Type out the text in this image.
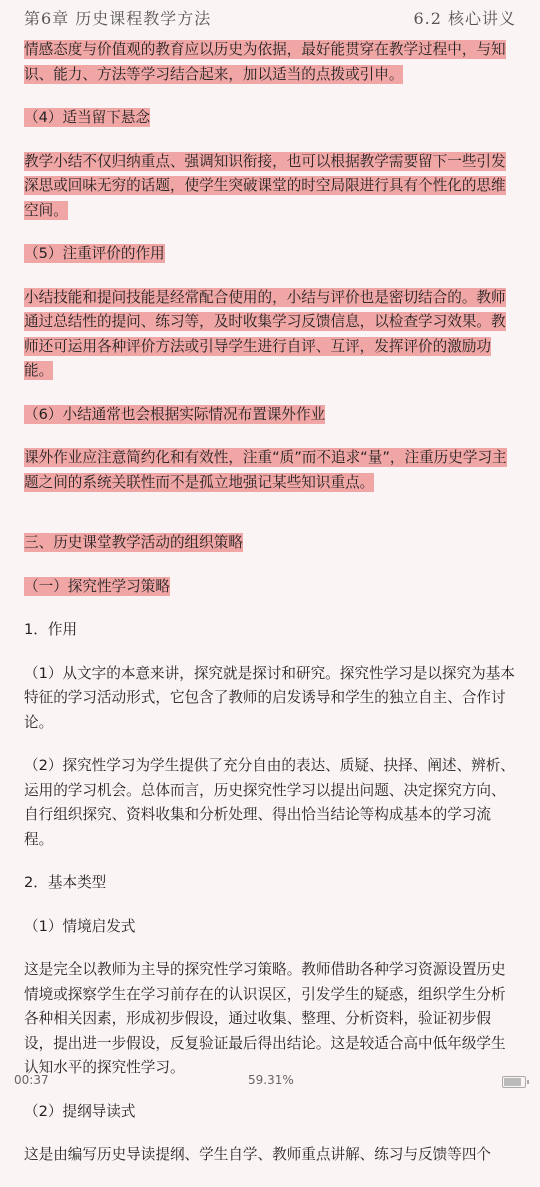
第6章 历史课程教学方法	6.2 核心讲义

情感态度与价值观的教育应以历史为依据，最好能贯穿在教学过程中，与知识、能力、方法等学习结合起来，加以适当的点拨或引申。

（4）适当留下悬念

教学小结不仅归纳重点、强调知识衔接，也可以根据教学需要留下一些引发深思或回味无穷的话题，使学生突破课堂的时空局限进行具有个性化的思维空间。

（5）注重评价的作用

小结技能和提问技能是经常配合使用的，小结与评价也是密切结合的。教师通过总结性的提问、练习等，及时收集学习反馈信息，以检查学习效果。教师还可运用各种评价方法或引导学生进行自评、互评，发挥评价的激励功能。

（6）小结通常也会根据实际情况布置课外作业

课外作业应注意简约化和有效性，注重“质”而不追求“量”，注重历史学习主题之间的系统关联性而不是孤立地强记某些知识重点。

三、历史课堂教学活动的组织策略

（一）探究性学习策略

1．作用

（1）从文字的本意来讲，探究就是探讨和研究。探究性学习是以探究为基本特征的学习活动形式，它包含了教师的启发诱导和学生的独立自主、合作讨论。

（2）探究性学习为学生提供了充分自由的表达、质疑、抉择、阐述、辨析、运用的学习机会。总体而言，历史探究性学习以提出问题、决定探究方向、自行组织探究、资料收集和分析处理、得出恰当结论等构成基本的学习流程。

2．基本类型

（1）情境启发式

这是完全以教师为主导的探究性学习策略。教师借助各种学习资源设置历史情境或探察学生在学习前存在的认识误区，引发学生的疑惑，组织学生分析各种相关因素，形成初步假设，通过收集、整理、分析资料，验证初步假设，提出进一步假设，反复验证最后得出结论。这是较适合高中低年级学生认知水平的探究性学习。

（2）提纲导读式

这是由编写历史导读提纲、学生自学、教师重点讲解、练习与反馈等四个

00:37	59.31%
